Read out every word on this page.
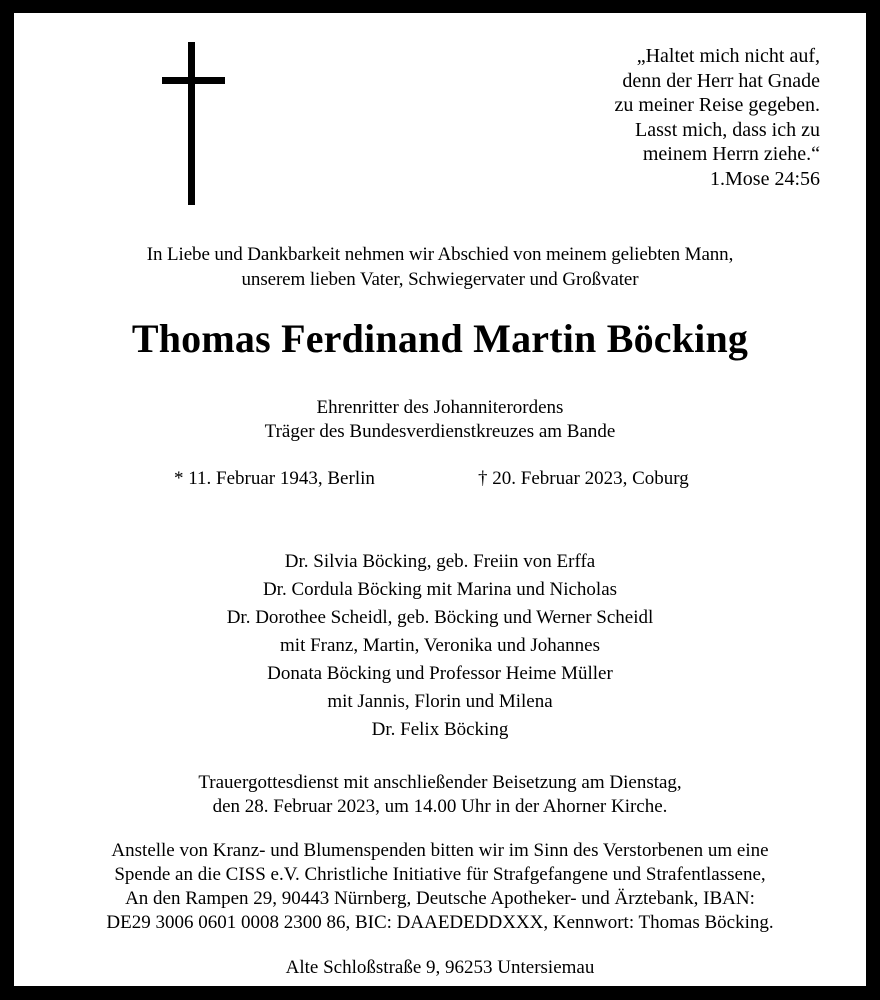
„Haltet mich nicht auf,
denn der Herr hat Gnade
zu meiner Reise gegeben.
Lasst mich, dass ich zu
meinem Herrn ziehe.“
1.Mose 24:56
In Liebe und Dankbarkeit nehmen wir Abschied von meinem geliebten Mann,
unserem lieben Vater, Schwiegervater und Großvater
Thomas Ferdinand Martin Böcking
Ehrenritter des Johanniterordens
Träger des Bundesverdienstkreuzes am Bande
* 11. Februar 1943, Berlin	† 20. Februar 2023, Coburg
Dr. Silvia Böcking, geb. Freiin von Erffa
Dr. Cordula Böcking mit Marina und Nicholas
Dr. Dorothee Scheidl, geb. Böcking und Werner Scheidl
mit Franz, Martin, Veronika und Johannes
Donata Böcking und Professor Heime Müller
mit Jannis, Florin und Milena
Dr. Felix Böcking
Trauergottesdienst mit anschließender Beisetzung am Dienstag,
den 28. Februar 2023, um 14.00 Uhr in der Ahorner Kirche.
Anstelle von Kranz- und Blumenspenden bitten wir im Sinn des Verstorbenen um eine
Spende an die CISS e.V. Christliche Initiative für Strafgefangene und Strafentlassene,
An den Rampen 29, 90443 Nürnberg, Deutsche Apotheker- und Ärztebank, IBAN:
DE29 3006 0601 0008 2300 86, BIC: DAAEDEDDXXX, Kennwort: Thomas Böcking.
Alte Schloßstraße 9, 96253 Untersiemau
